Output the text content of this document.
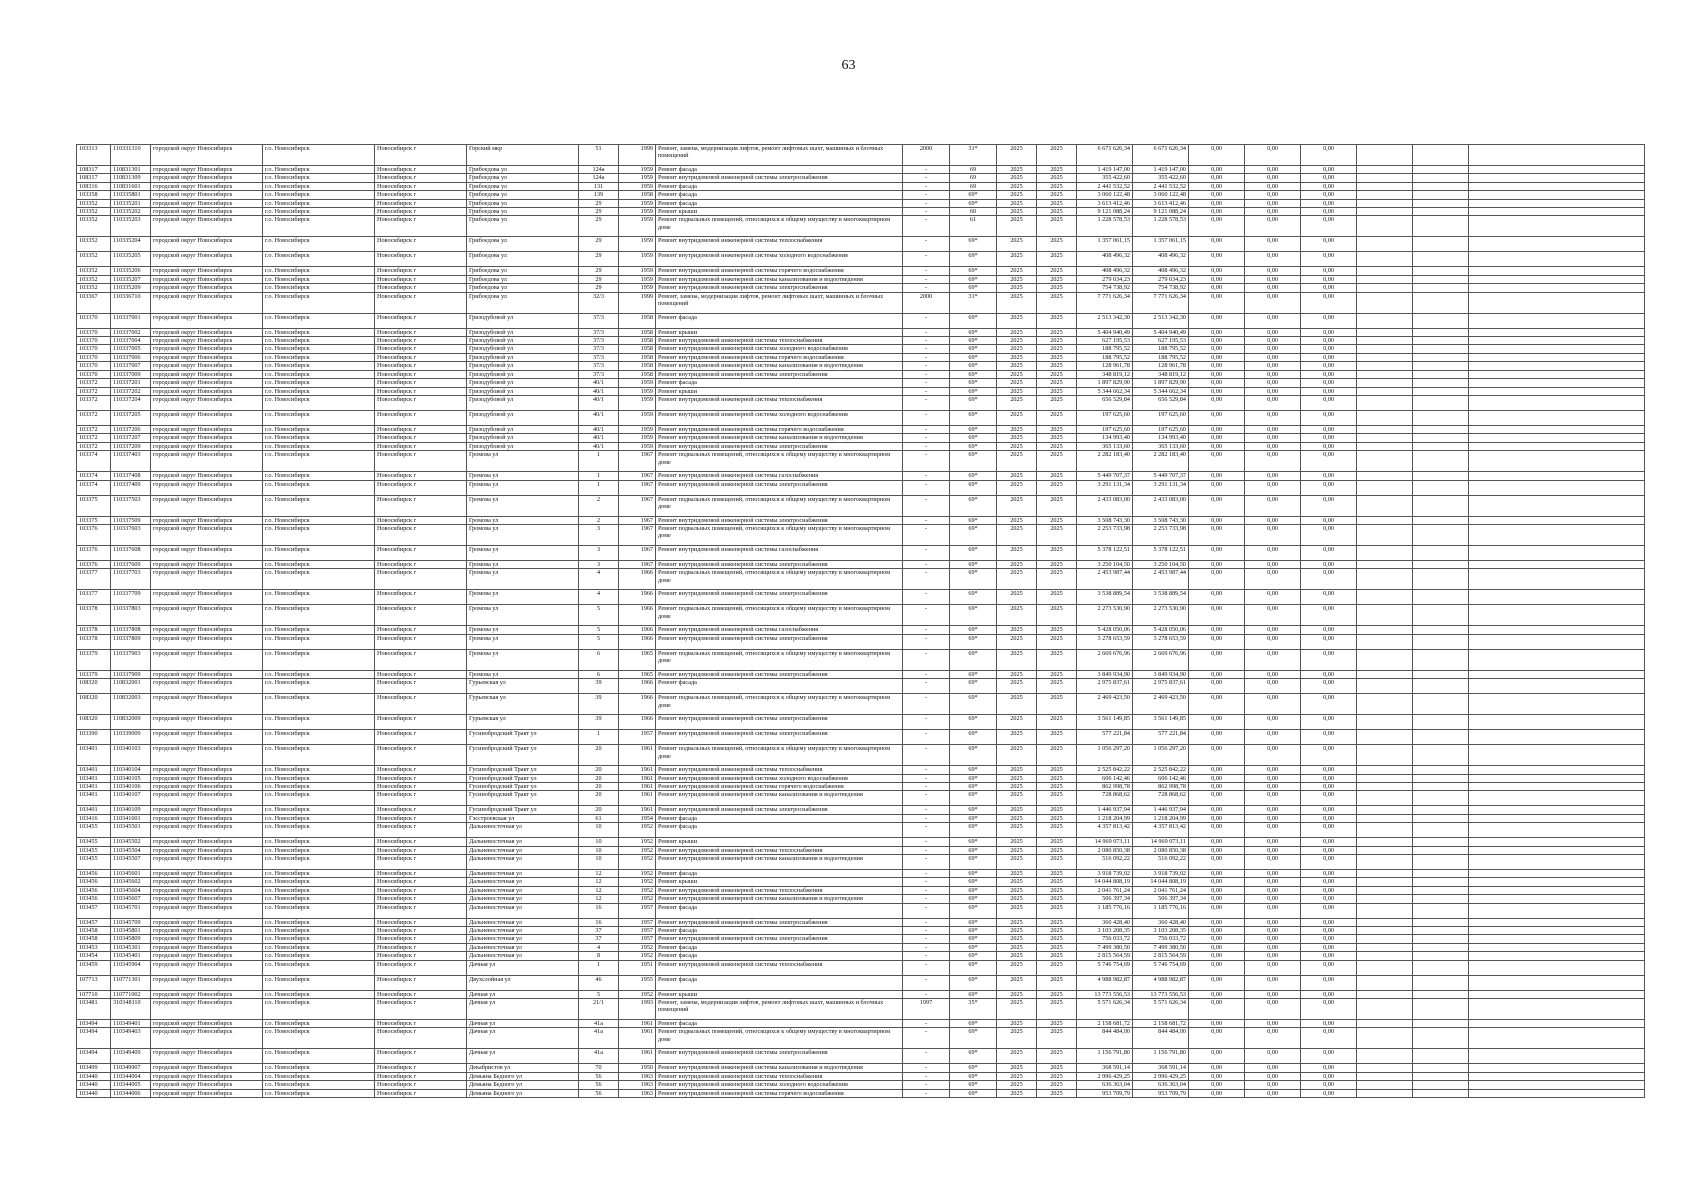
63
103313	110331310	городской округ Новосибирск	г.о. Новосибирск	Новосибирск г	Горский мкр	51	1999	Ремонт, замена, модернизация лифтов, ремонт лифтовых шахт, машинных и блочных помещений	2000	31*	2025	2025	6 671 626,34	6 671 626,34	0,00	0,00	0,00			
108317	110831301	городской округ Новосибирск	г.о. Новосибирск	Новосибирск г	Грибоедова ул	124а	1959	Ремонт фасада	-	69	2025	2025	1 419 147,00	1 419 147,00	0,00	0,00	0,00			
108317	110831309	городской округ Новосибирск	г.о. Новосибирск	Новосибирск г	Грибоедова ул	124а	1959	Ремонт внутридомовой инженерной системы электроснабжения	-	69	2025	2025	355 422,60	355 422,60	0,00	0,00	0,00			
108316	110831601	городской округ Новосибирск	г.о. Новосибирск	Новосибирск г	Грибоедова ул	131	1959	Ремонт фасада	-	69	2025	2025	2 441 532,52	2 441 532,52	0,00	0,00	0,00			
103358	110335801	городской округ Новосибирск	г.о. Новосибирск	Новосибирск г	Грибоедова ул	139	1958	Ремонт фасада	-	69*	2025	2025	3 060 122,48	3 060 122,48	0,00	0,00	0,00			
103352	110335201	городской округ Новосибирск	г.о. Новосибирск	Новосибирск г	Грибоедова ул	29	1959	Ремонт фасада	-	69*	2025	2025	3 613 412,46	3 613 412,46	0,00	0,00	0,00			
103352	110335202	городской округ Новосибирск	г.о. Новосибирск	Новосибирск г	Грибоедова ул	29	1959	Ремонт крыши	-	60	2025	2025	9 121 088,24	9 121 088,24	0,00	0,00	0,00			
103352	110335203	городской округ Новосибирск	г.о. Новосибирск	Новосибирск г	Грибоедова ул	29	1959	Ремонт подвальных помещений, относящихся к общему имуществу в многоквартирном доме	-	61	2025	2025	1 228 578,53	1 228 578,53	0,00	0,00	0,00			
103352	110335204	городской округ Новосибирск	г.о. Новосибирск	Новосибирск г	Грибоедова ул	29	1959	Ремонт внутридомовой инженерной системы теплоснабжения	-	69*	2025	2025	1 357 061,15	1 357 061,15	0,00	0,00	0,00			
103352	110335205	городской округ Новосибирск	г.о. Новосибирск	Новосибирск г	Грибоедова ул	29	1959	Ремонт внутридомовой инженерной системы холодного водоснабжения	-	69*	2025	2025	408 496,32	408 496,32	0,00	0,00	0,00			
103352	110335206	городской округ Новосибирск	г.о. Новосибирск	Новосибирск г	Грибоедова ул	29	1959	Ремонт внутридомовой инженерной системы горячего водоснабжения	-	69*	2025	2025	408 496,32	408 496,32	0,00	0,00	0,00			
103352	110335207	городской округ Новосибирск	г.о. Новосибирск	Новосибирск г	Грибоедова ул	29	1959	Ремонт внутридомовой инженерной системы канализования и водоотведения	-	69*	2025	2025	279 034,23	279 034,23	0,00	0,00	0,00			
103352	110335209	городской округ Новосибирск	г.о. Новосибирск	Новосибирск г	Грибоедова ул	29	1959	Ремонт внутридомовой инженерной системы электроснабжения	-	69*	2025	2025	754 738,92	754 738,92	0,00	0,00	0,00			
103367	110336710	городской округ Новосибирск	г.о. Новосибирск	Новосибирск г	Грибоедова ул	32/3	1999	Ремонт, замена, модернизация лифтов, ремонт лифтовых шахт, машинных и блочных помещений	2000	31*	2025	2025	7 771 626,34	7 771 626,34	0,00	0,00	0,00			
103370	110337001	городской округ Новосибирск	г.о. Новосибирск	Новосибирск г	Гризодубовой ул	37/3	1958	Ремонт фасада	-	69*	2025	2025	2 513 342,30	2 513 342,30	0,00	0,00	0,00			
103370	110337002	городской округ Новосибирск	г.о. Новосибирск	Новосибирск г	Гризодубовой ул	37/3	1958	Ремонт крыши	-	69*	2025	2025	5 404 940,49	5 404 940,49	0,00	0,00	0,00			
103370	110337004	городской округ Новосибирск	г.о. Новосибирск	Новосибирск г	Гризодубовой ул	37/3	1958	Ремонт внутридомовой инженерной системы теплоснабжения	-	69*	2025	2025	627 195,53	627 195,53	0,00	0,00	0,00			
103370	110337005	городской округ Новосибирск	г.о. Новосибирск	Новосибирск г	Гризодубовой ул	37/3	1958	Ремонт внутридомовой инженерной системы холодного водоснабжения	-	69*	2025	2025	188 795,52	188 795,52	0,00	0,00	0,00			
103370	110337006	городской округ Новосибирск	г.о. Новосибирск	Новосибирск г	Гризодубовой ул	37/3	1958	Ремонт внутридомовой инженерной системы горячего водоснабжения	-	69*	2025	2025	188 795,52	188 795,52	0,00	0,00	0,00			
103370	110337007	городской округ Новосибирск	г.о. Новосибирск	Новосибирск г	Гризодубовой ул	37/3	1958	Ремонт внутридомовой инженерной системы канализования и водоотведения	-	69*	2025	2025	128 961,78	128 961,78	0,00	0,00	0,00			
103370	110337009	городской округ Новосибирск	г.о. Новосибирск	Новосибирск г	Гризодубовой ул	37/3	1958	Ремонт внутридомовой инженерной системы электроснабжения	-	69*	2025	2025	348 819,12	348 819,12	0,00	0,00	0,00			
103372	110337201	городской округ Новосибирск	г.о. Новосибирск	Новосибирск г	Гризодубовой ул	40/1	1959	Ремонт фасада	-	69*	2025	2025	1 897 829,90	1 897 829,90	0,00	0,00	0,00			
103372	110337202	городской округ Новосибирск	г.о. Новосибирск	Новосибирск г	Гризодубовой ул	40/1	1959	Ремонт крыши	-	69*	2025	2025	5 344 662,34	5 344 662,34	0,00	0,00	0,00			
103372	110337204	городской округ Новосибирск	г.о. Новосибирск	Новосибирск г	Гризодубовой ул	40/1	1959	Ремонт внутридомовой инженерной системы теплоснабжения	-	69*	2025	2025	656 529,84	656 529,84	0,00	0,00	0,00			
103372	110337205	городской округ Новосибирск	г.о. Новосибирск	Новосибирск г	Гризодубовой ул	40/1	1959	Ремонт внутридомовой инженерной системы холодного водоснабжения	-	69*	2025	2025	197 625,60	197 625,60	0,00	0,00	0,00			
103372	110337206	городской округ Новосибирск	г.о. Новосибирск	Новосибирск г	Гризодубовой ул	40/1	1959	Ремонт внутридомовой инженерной системы горячего водоснабжения	-	69*	2025	2025	197 625,60	197 625,60	0,00	0,00	0,00			
103372	110337207	городской округ Новосибирск	г.о. Новосибирск	Новосибирск г	Гризодубовой ул	40/1	1959	Ремонт внутридомовой инженерной системы канализования и водоотведения	-	69*	2025	2025	134 993,40	134 993,40	0,00	0,00	0,00			
103372	110337209	городской округ Новосибирск	г.о. Новосибирск	Новосибирск г	Гризодубовой ул	40/1	1959	Ремонт внутридомовой инженерной системы электроснабжения	-	69*	2025	2025	365 133,60	365 133,60	0,00	0,00	0,00			
103374	110337403	городской округ Новосибирск	г.о. Новосибирск	Новосибирск г	Громова ул	1	1967	Ремонт подвальных помещений, относящихся к общему имуществу в многоквартирном доме	-	69*	2025	2025	2 282 183,40	2 282 183,40	0,00	0,00	0,00			
103374	110337408	городской округ Новосибирск	г.о. Новосибирск	Новосибирск г	Громова ул	1	1967	Ремонт внутридомовой инженерной системы газоснабжения	-	69*	2025	2025	5 449 707,37	5 449 707,37	0,00	0,00	0,00			
103374	110337409	городской округ Новосибирск	г.о. Новосибирск	Новосибирск г	Громова ул	1	1967	Ремонт внутридомовой инженерной системы электроснабжения	-	69*	2025	2025	3 291 131,34	3 291 131,34	0,00	0,00	0,00			
103375	110337503	городской округ Новосибирск	г.о. Новосибирск	Новосибирск г	Громова ул	2	1967	Ремонт подвальных помещений, относящихся к общему имуществу в многоквартирном доме	-	69*	2025	2025	2 433 083,00	2 433 083,00	0,00	0,00	0,00			
103375	110337509	городской округ Новосибирск	г.о. Новосибирск	Новосибирск г	Громова ул	2	1967	Ремонт внутридомовой инженерной системы электроснабжения	-	69*	2025	2025	3 508 743,30	3 508 743,30	0,00	0,00	0,00			
103376	110337603	городской округ Новосибирск	г.о. Новосибирск	Новосибирск г	Громова ул	3	1967	Ремонт подвальных помещений, относящихся к общему имуществу в многоквартирном доме	-	69*	2025	2025	2 253 733,98	2 253 733,98	0,00	0,00	0,00			
103376	110337608	городской округ Новосибирск	г.о. Новосибирск	Новосибирск г	Громова ул	3	1967	Ремонт внутридомовой инженерной системы газоснабжения	-	69*	2025	2025	5 378 122,51	5 378 122,51	0,00	0,00	0,00			
103376	110337609	городской округ Новосибирск	г.о. Новосибирск	Новосибирск г	Громова ул	3	1967	Ремонт внутридомовой инженерной системы электроснабжения	-	69*	2025	2025	3 250 104,50	3 250 104,50	0,00	0,00	0,00			
103377	110337703	городской округ Новосибирск	г.о. Новосибирск	Новосибирск г	Громова ул	4	1966	Ремонт подвальных помещений, относящихся к общему имуществу в многоквартирном доме	-	69*	2025	2025	2 453 987,44	2 453 987,44	0,00	0,00	0,00			
103377	110337709	городской округ Новосибирск	г.о. Новосибирск	Новосибирск г	Громова ул	4	1966	Ремонт внутридомовой инженерной системы электроснабжения	-	69*	2025	2025	3 538 889,54	3 538 889,54	0,00	0,00	0,00			
103378	110337803	городской округ Новосибирск	г.о. Новосибирск	Новосибирск г	Громова ул	5	1966	Ремонт подвальных помещений, относящихся к общему имуществу в многоквартирном доме	-	69*	2025	2025	2 273 530,90	2 273 530,90	0,00	0,00	0,00			
103378	110337808	городской округ Новосибирск	г.о. Новосибирск	Новосибирск г	Громова ул	5	1966	Ремонт внутридомовой инженерной системы газоснабжения	-	69*	2025	2025	5 428 050,06	5 428 050,06	0,00	0,00	0,00			
103378	110337809	городской округ Новосибирск	г.о. Новосибирск	Новосибирск г	Громова ул	5	1966	Ремонт внутридомовой инженерной системы электроснабжения	-	69*	2025	2025	3 278 653,59	3 278 653,59	0,00	0,00	0,00			
103379	110337903	городской округ Новосибирск	г.о. Новосибирск	Новосибирск г	Громова ул	6	1965	Ремонт подвальных помещений, относящихся к общему имуществу в многоквартирном доме	-	69*	2025	2025	2 669 676,96	2 669 676,96	0,00	0,00	0,00			
103379	110337909	городской округ Новосибирск	г.о. Новосибирск	Новосибирск г	Громова ул	6	1965	Ремонт внутридомовой инженерной системы электроснабжения	-	69*	2025	2025	3 849 934,90	3 849 934,90	0,00	0,00	0,00			
108320	110832001	городской округ Новосибирск	г.о. Новосибирск	Новосибирск г	Гурьевская ул	39	1966	Ремонт фасада	-	69*	2025	2025	2 975 837,61	2 975 837,61	0,00	0,00	0,00			
108320	110832003	городской округ Новосибирск	г.о. Новосибирск	Новосибирск г	Гурьевская ул	39	1966	Ремонт подвальных помещений, относящихся к общему имуществу в многоквартирном доме	-	69*	2025	2025	2 469 423,50	2 469 423,50	0,00	0,00	0,00			
108320	110832009	городской округ Новосибирск	г.о. Новосибирск	Новосибирск г	Гурьевская ул	39	1966	Ремонт внутридомовой инженерной системы электроснабжения	-	69*	2025	2025	3 561 149,85	3 561 149,85	0,00	0,00	0,00			
103390	110339009	городской округ Новосибирск	г.о. Новосибирск	Новосибирск г	Гусинобродский Тракт ул	1	1957	Ремонт внутридомовой инженерной системы электроснабжения	-	69*	2025	2025	577 221,84	577 221,84	0,00	0,00	0,00			
103401	110340103	городской округ Новосибирск	г.о. Новосибирск	Новосибирск г	Гусинобродский Тракт ул	20	1961	Ремонт подвальных помещений, относящихся к общему имуществу в многоквартирном доме	-	69*	2025	2025	1 056 297,20	1 056 297,20	0,00	0,00	0,00			
103401	110340104	городской округ Новосибирск	г.о. Новосибирск	Новосибирск г	Гусинобродский Тракт ул	20	1961	Ремонт внутридомовой инженерной системы теплоснабжения	-	69*	2025	2025	2 525 842,22	2 525 842,22	0,00	0,00	0,00			
103401	110340105	городской округ Новосибирск	г.о. Новосибирск	Новосибирск г	Гусинобродский Тракт ул	20	1961	Ремонт внутридомовой инженерной системы холодного водоснабжения	-	69*	2025	2025	606 142,46	606 142,46	0,00	0,00	0,00			
103401	110340106	городской округ Новосибирск	г.о. Новосибирск	Новосибирск г	Гусинобродский Тракт ул	20	1961	Ремонт внутридомовой инженерной системы горячего водоснабжения	-	69*	2025	2025	862 998,78	862 998,78	0,00	0,00	0,00			
103401	110340107	городской округ Новосибирск	г.о. Новосибирск	Новосибирск г	Гусинобродский Тракт ул	20	1961	Ремонт внутридомовой инженерной системы канализования и водоотведения	-	69*	2025	2025	728 868,62	728 868,62	0,00	0,00	0,00			
103401	110340109	городской округ Новосибирск	г.о. Новосибирск	Новосибирск г	Гусинобродский Тракт ул	20	1961	Ремонт внутридомовой инженерной системы электроснабжения	-	69*	2025	2025	1 446 937,94	1 446 937,94	0,00	0,00	0,00			
103416	110341601	городской округ Новосибирск	г.о. Новосибирск	Новосибирск г	Гэсстроевская ул	61	1954	Ремонт фасада	-	69*	2025	2025	1 218 204,99	1 218 204,99	0,00	0,00	0,00			
103455	110345501	городской округ Новосибирск	г.о. Новосибирск	Новосибирск г	Дальневосточная ул	10	1952	Ремонт фасада	-	69*	2025	2025	4 357 813,42	4 357 813,42	0,00	0,00	0,00			
103455	110345502	городской округ Новосибирск	г.о. Новосибирск	Новосибирск г	Дальневосточная ул	10	1952	Ремонт крыши	-	69*	2025	2025	14 969 073,11	14 969 073,11	0,00	0,00	0,00			
103455	110345504	городской округ Новосибирск	г.о. Новосибирск	Новосибирск г	Дальневосточная ул	10	1952	Ремонт внутридомовой инженерной системы теплоснабжения	-	69*	2025	2025	2 080 850,38	2 080 850,38	0,00	0,00	0,00			
103455	110345507	городской округ Новосибирск	г.о. Новосибирск	Новосибирск г	Дальневосточная ул	10	1952	Ремонт внутридомовой инженерной системы канализования и водоотведения	-	69*	2025	2025	516 092,22	516 092,22	0,00	0,00	0,00			
103456	110345601	городской округ Новосибирск	г.о. Новосибирск	Новосибирск г	Дальневосточная ул	12	1952	Ремонт фасада	-	69*	2025	2025	3 918 739,02	3 918 739,02	0,00	0,00	0,00			
103456	110345602	городской округ Новосибирск	г.о. Новосибирск	Новосибирск г	Дальневосточная ул	12	1952	Ремонт крыши	-	69*	2025	2025	14 044 808,19	14 044 808,19	0,00	0,00	0,00			
103456	110345604	городской округ Новосибирск	г.о. Новосибирск	Новосибирск г	Дальневосточная ул	12	1952	Ремонт внутридомовой инженерной системы теплоснабжения	-	69*	2025	2025	2 041 761,24	2 041 761,24	0,00	0,00	0,00			
103456	110345607	городской округ Новосибирск	г.о. Новосибирск	Новосибирск г	Дальневосточная ул	12	1952	Ремонт внутридомовой инженерной системы канализования и водоотведения	-	69*	2025	2025	506 397,34	506 397,34	0,00	0,00	0,00			
103457	110345701	городской округ Новосибирск	г.о. Новосибирск	Новосибирск г	Дальневосточная ул	16	1957	Ремонт фасада	-	69*	2025	2025	1 185 776,16	1 185 776,16	0,00	0,00	0,00			
103457	110345709	городской округ Новосибирск	г.о. Новосибирск	Новосибирск г	Дальневосточная ул	16	1957	Ремонт внутридомовой инженерной системы электроснабжения	-	69*	2025	2025	360 428,40	360 428,40	0,00	0,00	0,00			
103458	110345801	городской округ Новосибирск	г.о. Новосибирск	Новосибирск г	Дальневосточная ул	37	1957	Ремонт фасада	-	69*	2025	2025	3 103 208,35	3 103 208,35	0,00	0,00	0,00			
103458	110345809	городской округ Новосибирск	г.о. Новосибирск	Новосибирск г	Дальневосточная ул	37	1957	Ремонт внутридомовой инженерной системы электроснабжения	-	69*	2025	2025	756 033,72	756 033,72	0,00	0,00	0,00			
103453	110345301	городской округ Новосибирск	г.о. Новосибирск	Новосибирск г	Дальневосточная ул	4	1952	Ремонт фасада	-	69*	2025	2025	7 499 380,50	7 499 380,50	0,00	0,00	0,00			
103454	110345401	городской округ Новосибирск	г.о. Новосибирск	Новосибирск г	Дальневосточная ул	8	1952	Ремонт фасада	-	69*	2025	2025	2 815 564,59	2 815 564,59	0,00	0,00	0,00			
103459	110345904	городской округ Новосибирск	г.о. Новосибирск	Новосибирск г	Дачная ул	1	1951	Ремонт внутридомовой инженерной системы теплоснабжения	-	69*	2025	2025	5 746 754,69	5 746 754,69	0,00	0,00	0,00			
107713	110771301	городской округ Новосибирск	г.о. Новосибирск	Новосибирск г	Двухслойная ул	46	1955	Ремонт фасада	-	69*	2025	2025	4 988 982,87	4 988 982,87	0,00	0,00	0,00			
107710	110771002	городской округ Новосибирск	г.о. Новосибирск	Новосибирск г	Дачная ул	5	1952	Ремонт крыши	-	69*	2025	2025	13 773 556,53	13 773 556,53	0,00	0,00	0,00			
103481	310348110	городской округ Новосибирск	г.о. Новосибирск	Новосибирск г	Дачная ул	21/1	1993	Ремонт, замена, модернизация лифтов, ремонт лифтовых шахт, машинных и блочных помещений	1997	35*	2025	2025	5 571 626,34	5 571 626,34	0,00	0,00	0,00			
103494	110349401	городской округ Новосибирск	г.о. Новосибирск	Новосибирск г	Дачная ул	41а	1961	Ремонт фасада	-	69*	2025	2025	2 158 681,72	2 158 681,72	0,00	0,00	0,00			
103494	110349403	городской округ Новосибирск	г.о. Новосибирск	Новосибирск г	Дачная ул	41а	1961	Ремонт подвальных помещений, относящихся к общему имуществу в многоквартирном доме	-	69*	2025	2025	844 484,00	844 484,00	0,00	0,00	0,00			
103494	110349409	городской округ Новосибирск	г.о. Новосибирск	Новосибирск г	Дачная ул	41а	1961	Ремонт внутридомовой инженерной системы электроснабжения	-	69*	2025	2025	1 156 791,80	1 156 791,80	0,00	0,00	0,00			
103499	110349907	городской округ Новосибирск	г.о. Новосибирск	Новосибирск г	Декабристов ул	70	1950	Ремонт внутридомовой инженерной системы канализования и водоотведения	-	69*	2025	2025	368 591,14	368 591,14	0,00	0,00	0,00			
103440	110344004	городской округ Новосибирск	г.о. Новосибирск	Новосибирск г	Демьяна Бедного ул	56	1963	Ремонт внутридомовой инженерной системы теплоснабжения	-	69*	2025	2025	2 996 429,25	2 996 429,25	0,00	0,00	0,00			
103440	110344005	городской округ Новосибирск	г.о. Новосибирск	Новосибирск г	Демьяна Бедного ул	56	1963	Ремонт внутридомовой инженерной системы холодного водоснабжения	-	69*	2025	2025	636 363,04	636 363,04	0,00	0,00	0,00			
103440	110344006	городской округ Новосибирск	г.о. Новосибирск	Новосибирск г	Демьяна Бедного ул	56	1963	Ремонт внутридомовой инженерной системы горячего водоснабжения	-	69*	2025	2025	953 709,79	953 709,79	0,00	0,00	0,00			
